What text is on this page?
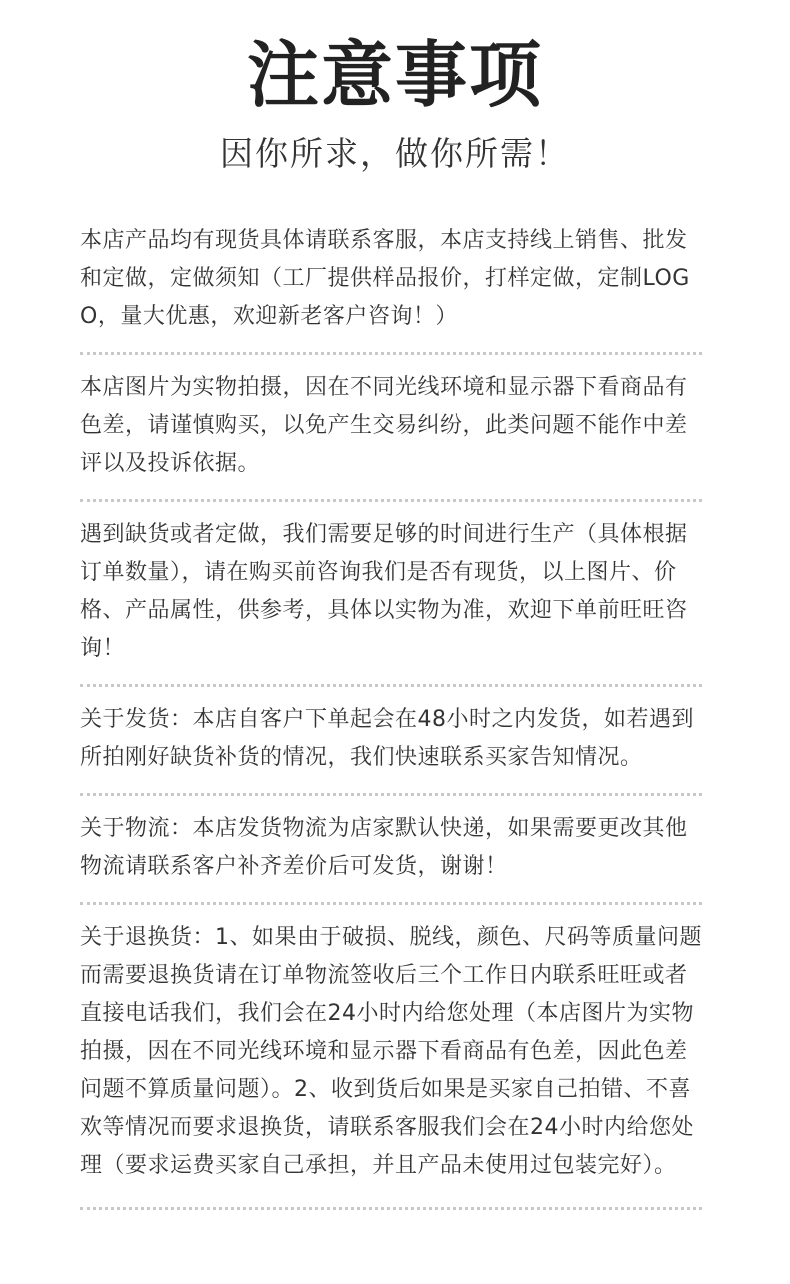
注意事项
因你所求，做你所需！
本店产品均有现货具体请联系客服，本店支持线上销售、批发和定做，定做须知（工厂提供样品报价，打样定做，定制LOGO，量大优惠，欢迎新老客户咨询！）
本店图片为实物拍摄，因在不同光线环境和显示器下看商品有色差，请谨慎购买，以免产生交易纠纷，此类问题不能作中差评以及投诉依据。
遇到缺货或者定做，我们需要足够的时间进行生产（具体根据订单数量），请在购买前咨询我们是否有现货，以上图片、价格、产品属性，供参考，具体以实物为准，欢迎下单前旺旺咨询！
关于发货：本店自客户下单起会在48小时之内发货，如若遇到所拍刚好缺货补货的情况，我们快速联系买家告知情况。
关于物流：本店发货物流为店家默认快递，如果需要更改其他物流请联系客户补齐差价后可发货，谢谢！
关于退换货：1、如果由于破损、脱线，颜色、尺码等质量问题而需要退换货请在订单物流签收后三个工作日内联系旺旺或者直接电话我们，我们会在24小时内给您处理（本店图片为实物拍摄，因在不同光线环境和显示器下看商品有色差，因此色差问题不算质量问题）。2、收到货后如果是买家自己拍错、不喜欢等情况而要求退换货，请联系客服我们会在24小时内给您处理（要求运费买家自己承担，并且产品未使用过包装完好）。
